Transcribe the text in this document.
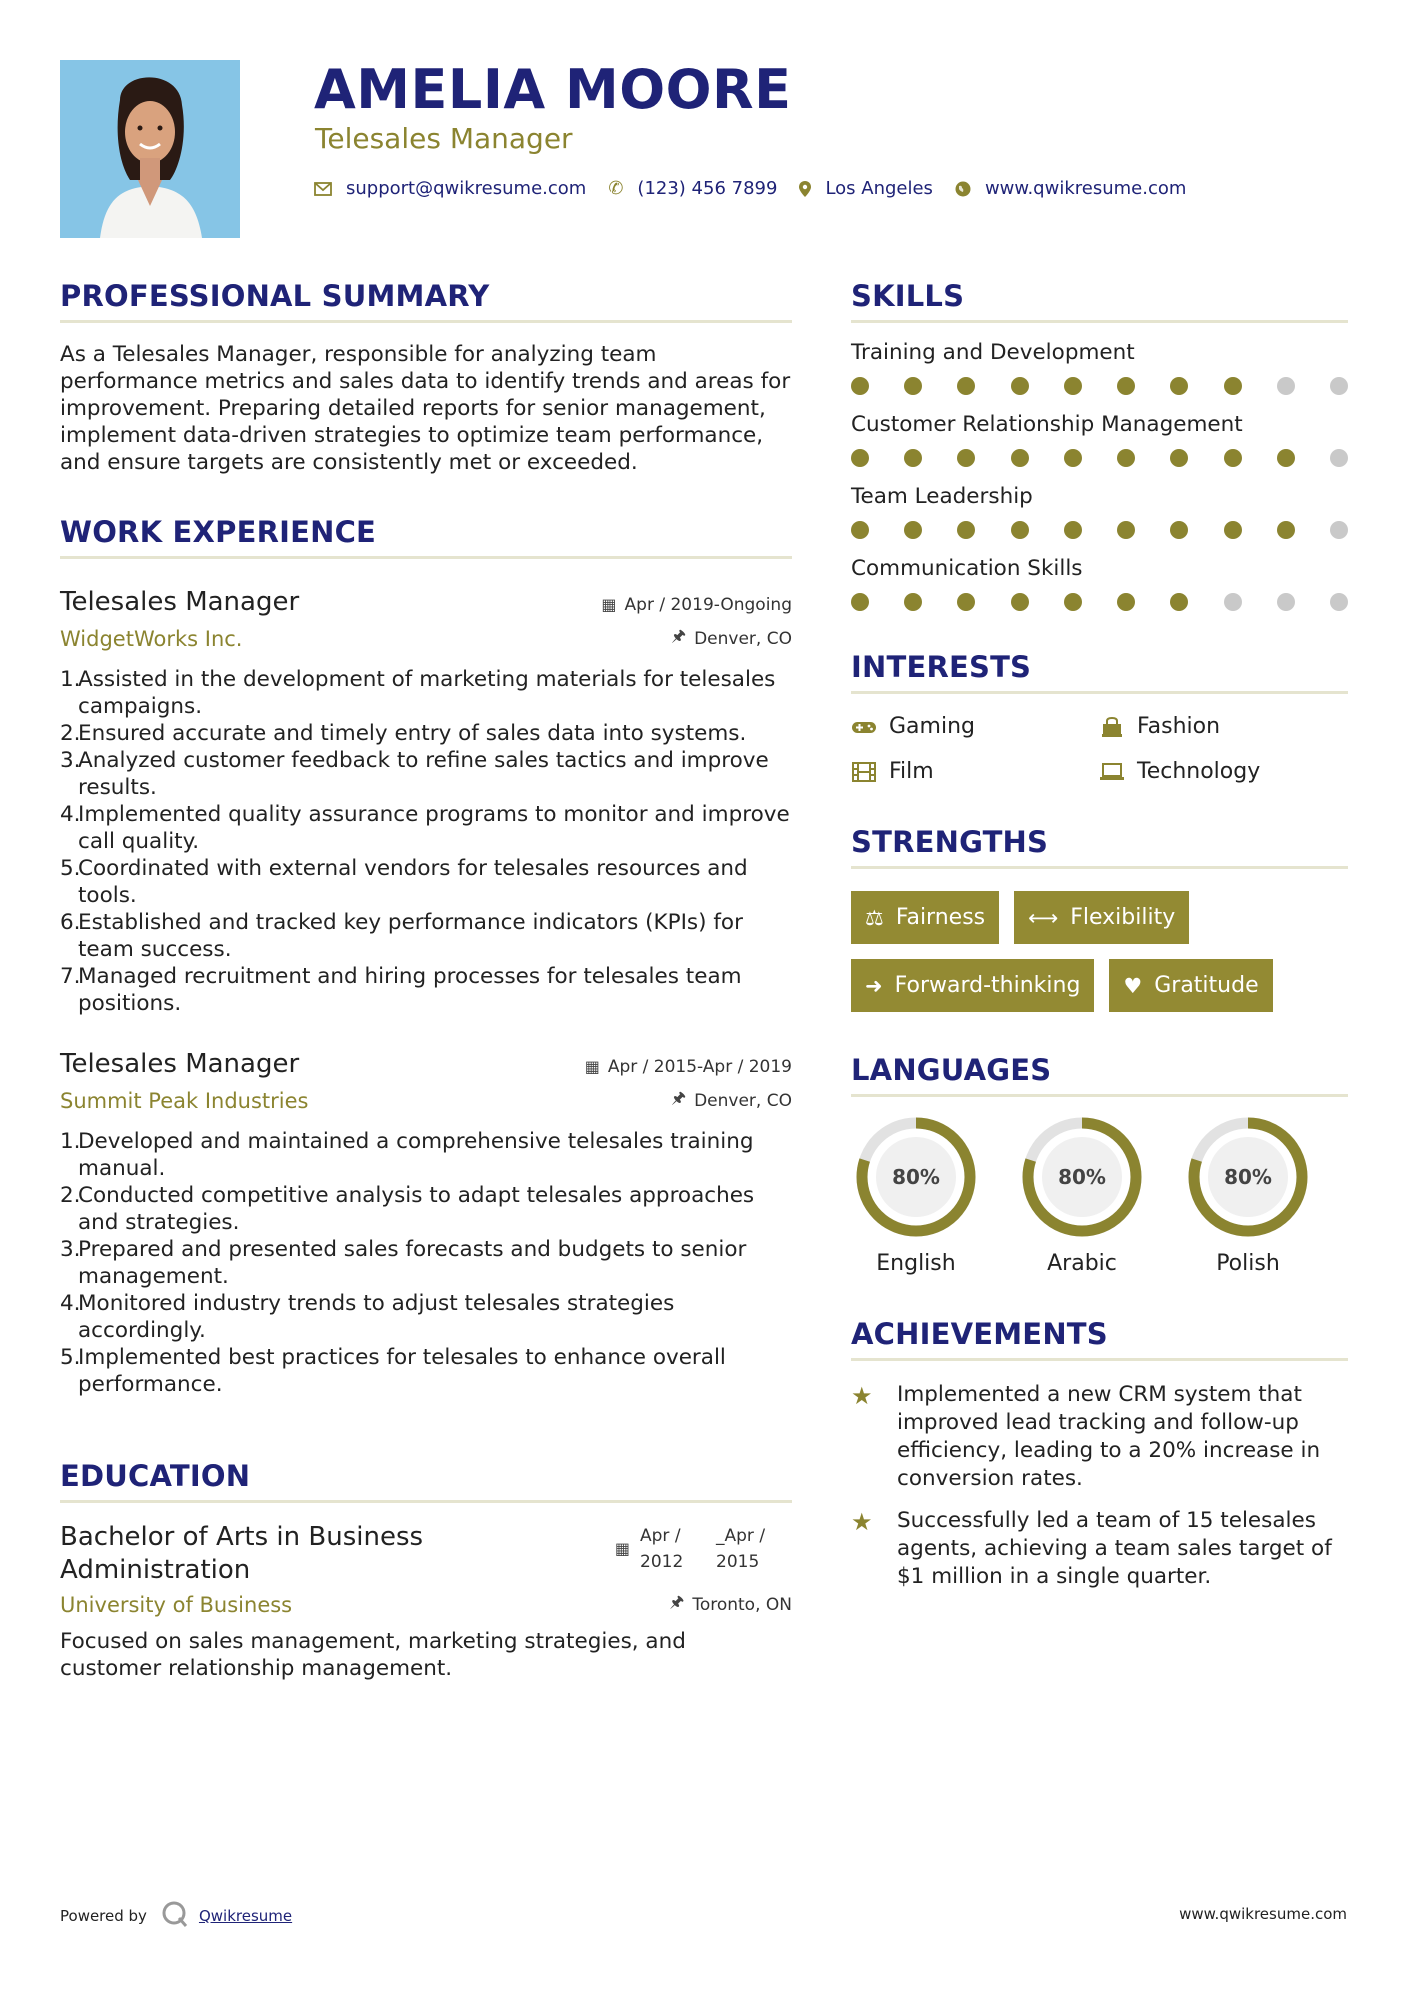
AMELIA MOORE
Telesales Manager
support@qwikresume.com ✆ (123) 456 7899	Los Angeles	www.qwikresume.com
PROFESSIONAL SUMMARY
As a Telesales Manager, responsible for analyzing team performance metrics and sales data to identify trends and areas for improvement. Preparing detailed reports for senior management, implement data-driven strategies to optimize team performance, and ensure targets are consistently met or exceeded.
WORK EXPERIENCE
Telesales Manager	▦ Apr / 2019-Ongoing
WidgetWorks Inc.	🖈 Denver, CO
1.
Assisted in the development of marketing materials for telesales campaigns.
2.
Ensured accurate and timely entry of sales data into systems.
3.
Analyzed customer feedback to refine sales tactics and improve results.
4.
Implemented quality assurance programs to monitor and improve call quality.
5.
Coordinated with external vendors for telesales resources and tools.
6.
Established and tracked key performance indicators (KPIs) for team success.
7.
Managed recruitment and hiring processes for telesales team positions.
Telesales Manager	▦ Apr / 2015-Apr / 2019
Summit Peak Industries	🖈 Denver, CO
1.
Developed and maintained a comprehensive telesales training manual.
2.
Conducted competitive analysis to adapt telesales approaches and strategies.
3.
Prepared and presented sales forecasts and budgets to senior management.
4.
Monitored industry trends to adjust telesales strategies accordingly.
5.
Implemented best practices for telesales to enhance overall performance.
EDUCATION
Bachelor of Arts in Business Administration
▦
Apr /
2012
_Apr /
2015
University of Business	🖈 Toronto, ON
Focused on sales management, marketing strategies, and customer relationship management.
SKILLS
Training and Development
Customer Relationship Management
Team Leadership
Communication Skills
INTERESTS
Gaming	Fashion
Film	Technology
STRENGTHS
⚖ Fairness ⟷ Flexibility
➜ Forward-thinking ♥ Gratitude
LANGUAGES
80%
English
80%
Arabic
80%
Polish
ACHIEVEMENTS
★	Implemented a new CRM system that improved lead tracking and follow-up efficiency, leading to a 20% increase in conversion rates.
★	Successfully led a team of 15 telesales agents, achieving a team sales target of $1 million in a single quarter.
Powered by	Qwikresume	www.qwikresume.com
